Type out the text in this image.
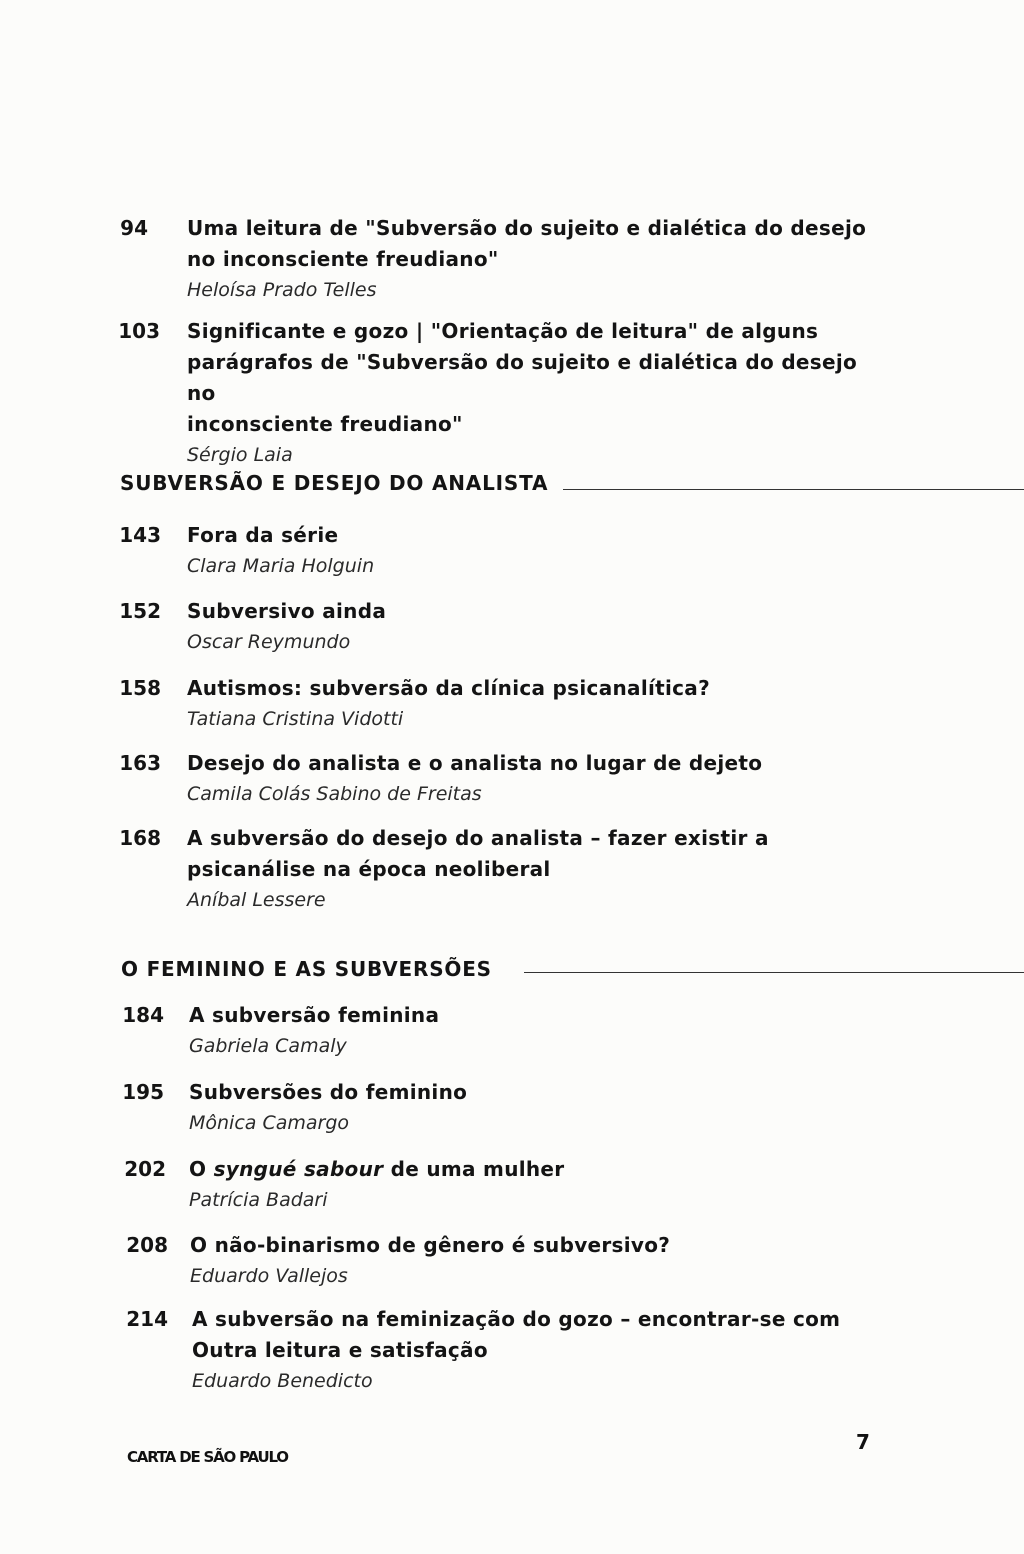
94 Uma leitura de "Subversão do sujeito e dialética do desejo
no inconsciente freudiano"
Heloísa Prado Telles
103 Significante e gozo | "Orientação de leitura" de alguns
parágrafos de "Subversão do sujeito e dialética do desejo no
inconsciente freudiano"
Sérgio Laia
SUBVERSÃO E DESEJO DO ANALISTA
143 Fora da série
Clara Maria Holguin
152 Subversivo ainda
Oscar Reymundo
158 Autismos: subversão da clínica psicanalítica?
Tatiana Cristina Vidotti
163 Desejo do analista e o analista no lugar de dejeto
Camila Colás Sabino de Freitas
168 A subversão do desejo do analista – fazer existir a
psicanálise na época neoliberal
Aníbal Lessere
O FEMININO E AS SUBVERSÕES
184 A subversão feminina
Gabriela Camaly
195 Subversões do feminino
Mônica Camargo
202 O syngué sabour de uma mulher
Patrícia Badari
208 O não-binarismo de gênero é subversivo?
Eduardo Vallejos
214 A subversão na feminização do gozo – encontrar-se com
Outra leitura e satisfação
Eduardo Benedicto
CARTA DE SÃO PAULO
7
